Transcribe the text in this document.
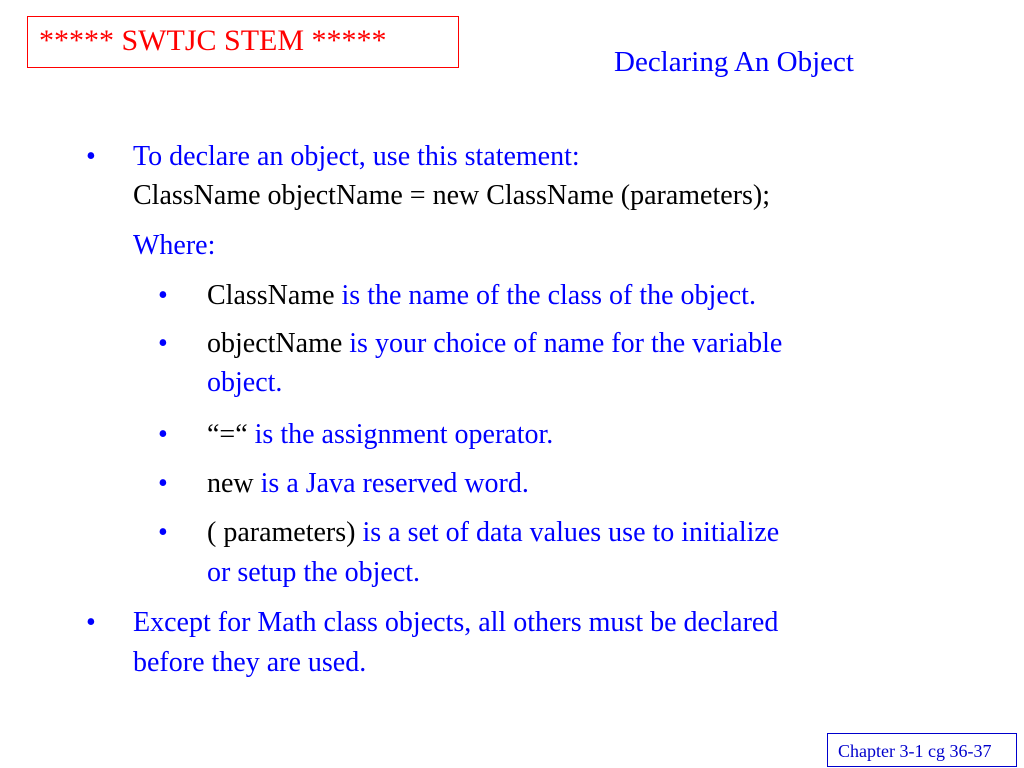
***** SWTJC STEM *****
Declaring An Object
• To declare an object, use this statement:
ClassName objectName = new ClassName (parameters);
Where:
• ClassName is the name of the class of the object.
• objectName is your choice of name for the variable
object.
• “=“ is the assignment operator.
• new is a Java reserved word.
• ( parameters) is a set of data values use to initialize
or setup the object.
• Except for Math class objects, all others must be declared
before they are used.
Chapter 3-1 cg 36-37
